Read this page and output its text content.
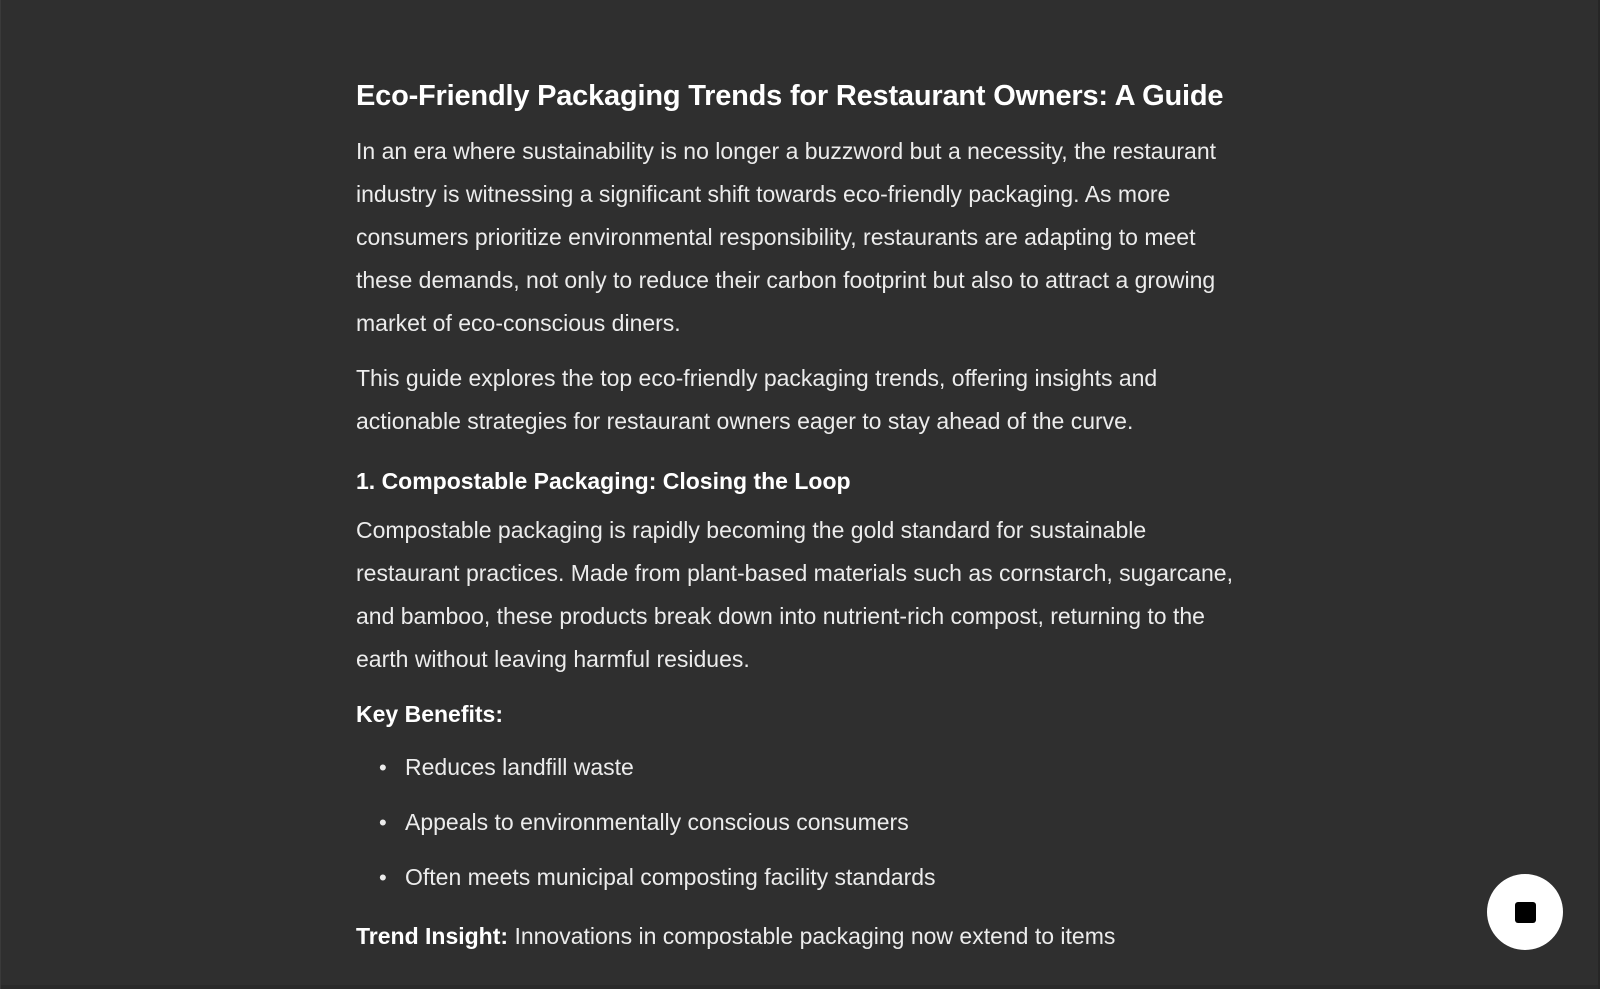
Eco-Friendly Packaging Trends for Restaurant Owners: A Guide

In an era where sustainability is no longer a buzzword but a necessity, the restaurant industry is witnessing a significant shift towards eco-friendly packaging. As more consumers prioritize environmental responsibility, restaurants are adapting to meet these demands, not only to reduce their carbon footprint but also to attract a growing market of eco-conscious diners.

This guide explores the top eco-friendly packaging trends, offering insights and actionable strategies for restaurant owners eager to stay ahead of the curve.

1. Compostable Packaging: Closing the Loop

Compostable packaging is rapidly becoming the gold standard for sustainable restaurant practices. Made from plant-based materials such as cornstarch, sugarcane, and bamboo, these products break down into nutrient-rich compost, returning to the earth without leaving harmful residues.

Key Benefits:

• Reduces landfill waste
• Appeals to environmentally conscious consumers
• Often meets municipal composting facility standards

Trend Insight: Innovations in compostable packaging now extend to items
